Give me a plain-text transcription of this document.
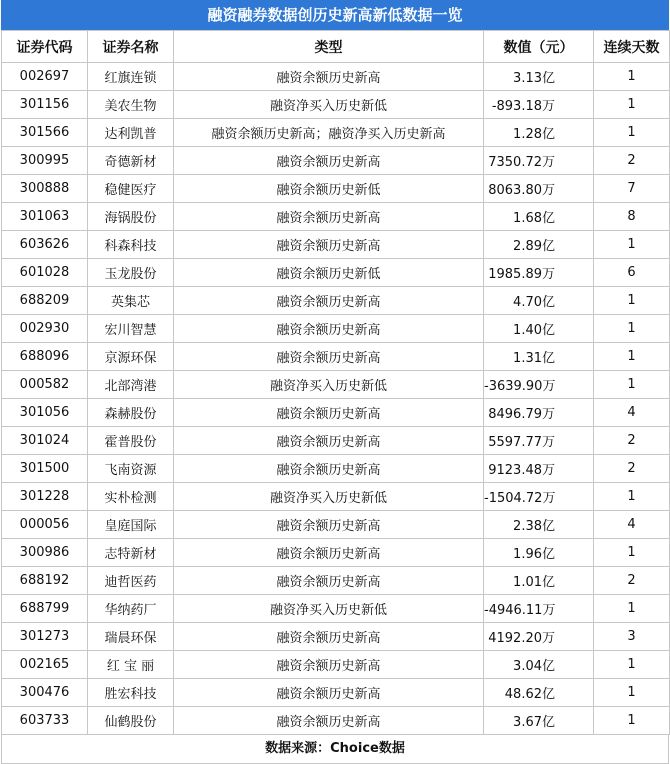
融资融券数据创历史新高新低数据一览
证券代码	证券名称	类型	数值（元）	连续天数
002697	红旗连锁	融资余额历史新高	3.13亿	1
301156	美农生物	融资净买入历史新低	-893.18万	1
301566	达利凯普	融资余额历史新高；融资净买入历史新高	1.28亿	1
300995	奇德新材	融资余额历史新高	7350.72万	2
300888	稳健医疗	融资余额历史新低	8063.80万	7
301063	海锅股份	融资余额历史新高	1.68亿	8
603626	科森科技	融资余额历史新高	2.89亿	1
601028	玉龙股份	融资余额历史新低	1985.89万	6
688209	英集芯	融资余额历史新高	4.70亿	1
002930	宏川智慧	融资余额历史新高	1.40亿	1
688096	京源环保	融资余额历史新高	1.31亿	1
000582	北部湾港	融资净买入历史新低	-3639.90万	1
301056	森赫股份	融资余额历史新高	8496.79万	4
301024	霍普股份	融资余额历史新高	5597.77万	2
301500	飞南资源	融资余额历史新高	9123.48万	2
301228	实朴检测	融资净买入历史新低	-1504.72万	1
000056	皇庭国际	融资余额历史新高	2.38亿	4
300986	志特新材	融资余额历史新高	1.96亿	1
688192	迪哲医药	融资余额历史新高	1.01亿	2
688799	华纳药厂	融资净买入历史新低	-4946.11万	1
301273	瑞晨环保	融资余额历史新高	4192.20万	3
002165	红 宝 丽	融资余额历史新高	3.04亿	1
300476	胜宏科技	融资余额历史新高	48.62亿	1
603733	仙鹤股份	融资余额历史新高	3.67亿	1
数据来源：Choice数据
